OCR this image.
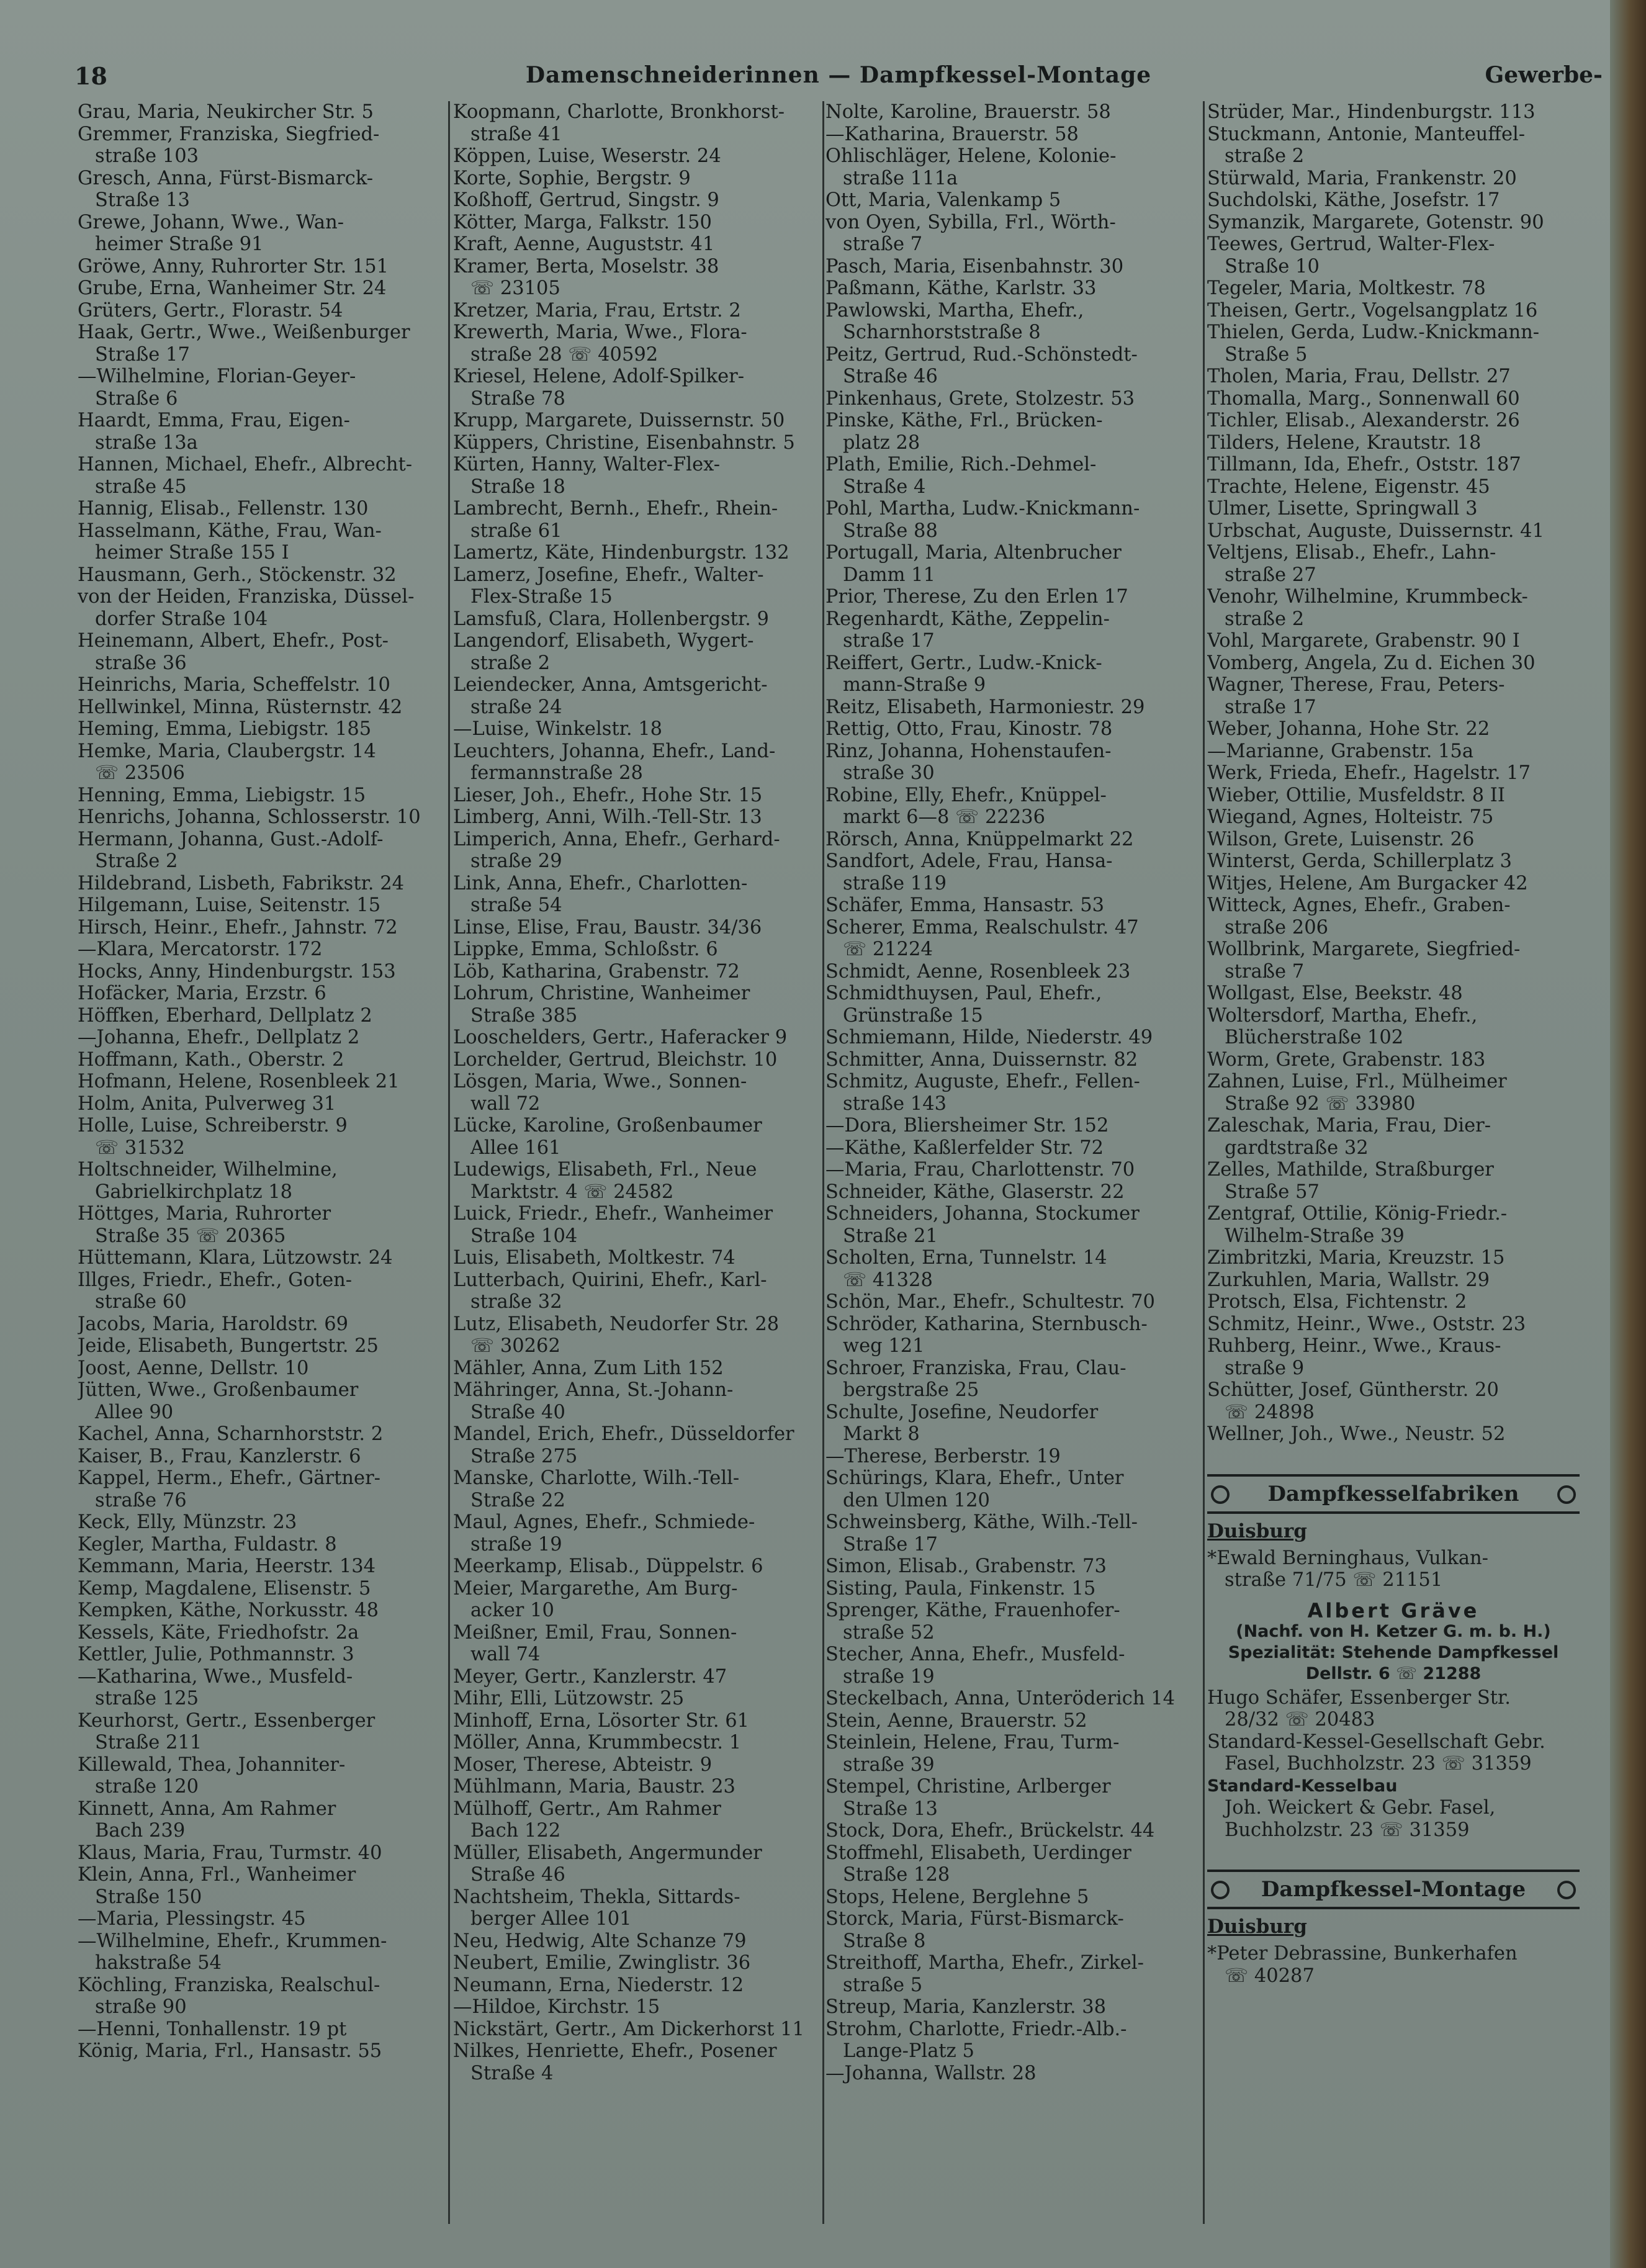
18	Damenschneiderinnen — Dampfkessel-Montage	Gewerbe-
Grau, Maria, Neukircher Str. 5
Gremmer, Franziska, Siegfried-
straße 103
Gresch, Anna, Fürst-Bismarck-
Straße 13
Grewe, Johann, Wwe., Wan-
heimer Straße 91
Gröwe, Anny, Ruhrorter Str. 151
Grube, Erna, Wanheimer Str. 24
Grüters, Gertr., Florastr. 54
Haak, Gertr., Wwe., Weißenburger
Straße 17
—Wilhelmine, Florian-Geyer-
Straße 6
Haardt, Emma, Frau, Eigen-
straße 13a
Hannen, Michael, Ehefr., Albrecht-
straße 45
Hannig, Elisab., Fellenstr. 130
Hasselmann, Käthe, Frau, Wan-
heimer Straße 155 I
Hausmann, Gerh., Stöckenstr. 32
von der Heiden, Franziska, Düssel-
dorfer Straße 104
Heinemann, Albert, Ehefr., Post-
straße 36
Heinrichs, Maria, Scheffelstr. 10
Hellwinkel, Minna, Rüsternstr. 42
Heming, Emma, Liebigstr. 185
Hemke, Maria, Claubergstr. 14
☏ 23506
Henning, Emma, Liebigstr. 15
Henrichs, Johanna, Schlosserstr. 10
Hermann, Johanna, Gust.-Adolf-
Straße 2
Hildebrand, Lisbeth, Fabrikstr. 24
Hilgemann, Luise, Seitenstr. 15
Hirsch, Heinr., Ehefr., Jahnstr. 72
—Klara, Mercatorstr. 172
Hocks, Anny, Hindenburgstr. 153
Hofäcker, Maria, Erzstr. 6
Höffken, Eberhard, Dellplatz 2
—Johanna, Ehefr., Dellplatz 2
Hoffmann, Kath., Oberstr. 2
Hofmann, Helene, Rosenbleek 21
Holm, Anita, Pulverweg 31
Holle, Luise, Schreiberstr. 9
☏ 31532
Holtschneider, Wilhelmine,
Gabrielkirchplatz 18
Höttges, Maria, Ruhrorter
Straße 35 ☏ 20365
Hüttemann, Klara, Lützowstr. 24
Illges, Friedr., Ehefr., Goten-
straße 60
Jacobs, Maria, Haroldstr. 69
Jeide, Elisabeth, Bungertstr. 25
Joost, Aenne, Dellstr. 10
Jütten, Wwe., Großenbaumer
Allee 90
Kachel, Anna, Scharnhorststr. 2
Kaiser, B., Frau, Kanzlerstr. 6
Kappel, Herm., Ehefr., Gärtner-
straße 76
Keck, Elly, Münzstr. 23
Kegler, Martha, Fuldastr. 8
Kemmann, Maria, Heerstr. 134
Kemp, Magdalene, Elisenstr. 5
Kempken, Käthe, Norkusstr. 48
Kessels, Käte, Friedhofstr. 2a
Kettler, Julie, Pothmannstr. 3
—Katharina, Wwe., Musfeld-
straße 125
Keurhorst, Gertr., Essenberger
Straße 211
Killewald, Thea, Johanniter-
straße 120
Kinnett, Anna, Am Rahmer
Bach 239
Klaus, Maria, Frau, Turmstr. 40
Klein, Anna, Frl., Wanheimer
Straße 150
—Maria, Plessingstr. 45
—Wilhelmine, Ehefr., Krummen-
hakstraße 54
Köchling, Franziska, Realschul-
straße 90
—Henni, Tonhallenstr. 19 pt
König, Maria, Frl., Hansastr. 55
Koopmann, Charlotte, Bronkhorst-
straße 41
Köppen, Luise, Weserstr. 24
Korte, Sophie, Bergstr. 9
Koßhoff, Gertrud, Singstr. 9
Kötter, Marga, Falkstr. 150
Kraft, Aenne, Auguststr. 41
Kramer, Berta, Moselstr. 38
☏ 23105
Kretzer, Maria, Frau, Ertstr. 2
Krewerth, Maria, Wwe., Flora-
straße 28 ☏ 40592
Kriesel, Helene, Adolf-Spilker-
Straße 78
Krupp, Margarete, Duissernstr. 50
Küppers, Christine, Eisenbahnstr. 5
Kürten, Hanny, Walter-Flex-
Straße 18
Lambrecht, Bernh., Ehefr., Rhein-
straße 61
Lamertz, Käte, Hindenburgstr. 132
Lamerz, Josefine, Ehefr., Walter-
Flex-Straße 15
Lamsfuß, Clara, Hollenbergstr. 9
Langendorf, Elisabeth, Wygert-
straße 2
Leiendecker, Anna, Amtsgericht-
straße 24
—Luise, Winkelstr. 18
Leuchters, Johanna, Ehefr., Land-
fermannstraße 28
Lieser, Joh., Ehefr., Hohe Str. 15
Limberg, Anni, Wilh.-Tell-Str. 13
Limperich, Anna, Ehefr., Gerhard-
straße 29
Link, Anna, Ehefr., Charlotten-
straße 54
Linse, Elise, Frau, Baustr. 34/36
Lippke, Emma, Schloßstr. 6
Löb, Katharina, Grabenstr. 72
Lohrum, Christine, Wanheimer
Straße 385
Looschelders, Gertr., Haferacker 9
Lorchelder, Gertrud, Bleichstr. 10
Lösgen, Maria, Wwe., Sonnen-
wall 72
Lücke, Karoline, Großenbaumer
Allee 161
Ludewigs, Elisabeth, Frl., Neue
Marktstr. 4 ☏ 24582
Luick, Friedr., Ehefr., Wanheimer
Straße 104
Luis, Elisabeth, Moltkestr. 74
Lutterbach, Quirini, Ehefr., Karl-
straße 32
Lutz, Elisabeth, Neudorfer Str. 28
☏ 30262
Mähler, Anna, Zum Lith 152
Mähringer, Anna, St.-Johann-
Straße 40
Mandel, Erich, Ehefr., Düsseldorfer
Straße 275
Manske, Charlotte, Wilh.-Tell-
Straße 22
Maul, Agnes, Ehefr., Schmiede-
straße 19
Meerkamp, Elisab., Düppelstr. 6
Meier, Margarethe, Am Burg-
acker 10
Meißner, Emil, Frau, Sonnen-
wall 74
Meyer, Gertr., Kanzlerstr. 47
Mihr, Elli, Lützowstr. 25
Minhoff, Erna, Lösorter Str. 61
Möller, Anna, Krummbecstr. 1
Moser, Therese, Abteistr. 9
Mühlmann, Maria, Baustr. 23
Mülhoff, Gertr., Am Rahmer
Bach 122
Müller, Elisabeth, Angermunder
Straße 46
Nachtsheim, Thekla, Sittards-
berger Allee 101
Neu, Hedwig, Alte Schanze 79
Neubert, Emilie, Zwinglistr. 36
Neumann, Erna, Niederstr. 12
—Hildoe, Kirchstr. 15
Nickstärt, Gertr., Am Dickerhorst 11
Nilkes, Henriette, Ehefr., Posener
Straße 4
Nolte, Karoline, Brauerstr. 58
—Katharina, Brauerstr. 58
Ohlischläger, Helene, Kolonie-
straße 111a
Ott, Maria, Valenkamp 5
von Oyen, Sybilla, Frl., Wörth-
straße 7
Pasch, Maria, Eisenbahnstr. 30
Paßmann, Käthe, Karlstr. 33
Pawlowski, Martha, Ehefr.,
Scharnhorststraße 8
Peitz, Gertrud, Rud.-Schönstedt-
Straße 46
Pinkenhaus, Grete, Stolzestr. 53
Pinske, Käthe, Frl., Brücken-
platz 28
Plath, Emilie, Rich.-Dehmel-
Straße 4
Pohl, Martha, Ludw.-Knickmann-
Straße 88
Portugall, Maria, Altenbrucher
Damm 11
Prior, Therese, Zu den Erlen 17
Regenhardt, Käthe, Zeppelin-
straße 17
Reiffert, Gertr., Ludw.-Knick-
mann-Straße 9
Reitz, Elisabeth, Harmoniestr. 29
Rettig, Otto, Frau, Kinostr. 78
Rinz, Johanna, Hohenstaufen-
straße 30
Robine, Elly, Ehefr., Knüppel-
markt 6—8 ☏ 22236
Rörsch, Anna, Knüppelmarkt 22
Sandfort, Adele, Frau, Hansa-
straße 119
Schäfer, Emma, Hansastr. 53
Scherer, Emma, Realschulstr. 47
☏ 21224
Schmidt, Aenne, Rosenbleek 23
Schmidthuysen, Paul, Ehefr.,
Grünstraße 15
Schmiemann, Hilde, Niederstr. 49
Schmitter, Anna, Duissernstr. 82
Schmitz, Auguste, Ehefr., Fellen-
straße 143
—Dora, Bliersheimer Str. 152
—Käthe, Kaßlerfelder Str. 72
—Maria, Frau, Charlottenstr. 70
Schneider, Käthe, Glaserstr. 22
Schneiders, Johanna, Stockumer
Straße 21
Scholten, Erna, Tunnelstr. 14
☏ 41328
Schön, Mar., Ehefr., Schultestr. 70
Schröder, Katharina, Sternbusch-
weg 121
Schroer, Franziska, Frau, Clau-
bergstraße 25
Schulte, Josefine, Neudorfer
Markt 8
—Therese, Berberstr. 19
Schürings, Klara, Ehefr., Unter
den Ulmen 120
Schweinsberg, Käthe, Wilh.-Tell-
Straße 17
Simon, Elisab., Grabenstr. 73
Sisting, Paula, Finkenstr. 15
Sprenger, Käthe, Frauenhofer-
straße 52
Stecher, Anna, Ehefr., Musfeld-
straße 19
Steckelbach, Anna, Unteröderich 14
Stein, Aenne, Brauerstr. 52
Steinlein, Helene, Frau, Turm-
straße 39
Stempel, Christine, Arlberger
Straße 13
Stock, Dora, Ehefr., Brückelstr. 44
Stoffmehl, Elisabeth, Uerdinger
Straße 128
Stops, Helene, Berglehne 5
Storck, Maria, Fürst-Bismarck-
Straße 8
Streithoff, Martha, Ehefr., Zirkel-
straße 5
Streup, Maria, Kanzlerstr. 38
Strohm, Charlotte, Friedr.-Alb.-
Lange-Platz 5
—Johanna, Wallstr. 28
Strüder, Mar., Hindenburgstr. 113
Stuckmann, Antonie, Manteuffel-
straße 2
Stürwald, Maria, Frankenstr. 20
Suchdolski, Käthe, Josefstr. 17
Symanzik, Margarete, Gotenstr. 90
Teewes, Gertrud, Walter-Flex-
Straße 10
Tegeler, Maria, Moltkestr. 78
Theisen, Gertr., Vogelsangplatz 16
Thielen, Gerda, Ludw.-Knickmann-
Straße 5
Tholen, Maria, Frau, Dellstr. 27
Thomalla, Marg., Sonnenwall 60
Tichler, Elisab., Alexanderstr. 26
Tilders, Helene, Krautstr. 18
Tillmann, Ida, Ehefr., Oststr. 187
Trachte, Helene, Eigenstr. 45
Ulmer, Lisette, Springwall 3
Urbschat, Auguste, Duissernstr. 41
Veltjens, Elisab., Ehefr., Lahn-
straße 27
Venohr, Wilhelmine, Krummbeck-
straße 2
Vohl, Margarete, Grabenstr. 90 I
Vomberg, Angela, Zu d. Eichen 30
Wagner, Therese, Frau, Peters-
straße 17
Weber, Johanna, Hohe Str. 22
—Marianne, Grabenstr. 15a
Werk, Frieda, Ehefr., Hagelstr. 17
Wieber, Ottilie, Musfeldstr. 8 II
Wiegand, Agnes, Holteistr. 75
Wilson, Grete, Luisenstr. 26
Winterst, Gerda, Schillerplatz 3
Witjes, Helene, Am Burgacker 42
Witteck, Agnes, Ehefr., Graben-
straße 206
Wollbrink, Margarete, Siegfried-
straße 7
Wollgast, Else, Beekstr. 48
Woltersdorf, Martha, Ehefr.,
Blücherstraße 102
Worm, Grete, Grabenstr. 183
Zahnen, Luise, Frl., Mülheimer
Straße 92 ☏ 33980
Zaleschak, Maria, Frau, Dier-
gardtstraße 32
Zelles, Mathilde, Straßburger
Straße 57
Zentgraf, Ottilie, König-Friedr.-
Wilhelm-Straße 39
Zimbritzki, Maria, Kreuzstr. 15
Zurkuhlen, Maria, Wallstr. 29
Protsch, Elsa, Fichtenstr. 2
Schmitz, Heinr., Wwe., Oststr. 23
Ruhberg, Heinr., Wwe., Kraus-
straße 9
Schütter, Josef, Güntherstr. 20
☏ 24898
Wellner, Joh., Wwe., Neustr. 52
Dampfkesselfabriken
Duisburg
*Ewald Berninghaus, Vulkan-
straße 71/75 ☏ 21151
Albert Gräve
(Nachf. von H. Ketzer G. m. b. H.)
Spezialität: Stehende Dampfkessel
Dellstr. 6 ☏ 21288
Hugo Schäfer, Essenberger Str.
28/32 ☏ 20483
Standard-Kessel-Gesellschaft Gebr.
Fasel, Buchholzstr. 23 ☏ 31359
Standard-Kesselbau
Joh. Weickert & Gebr. Fasel,
Buchholzstr. 23 ☏ 31359
Dampfkessel-Montage
Duisburg
*Peter Debrassine, Bunkerhafen
☏ 40287
